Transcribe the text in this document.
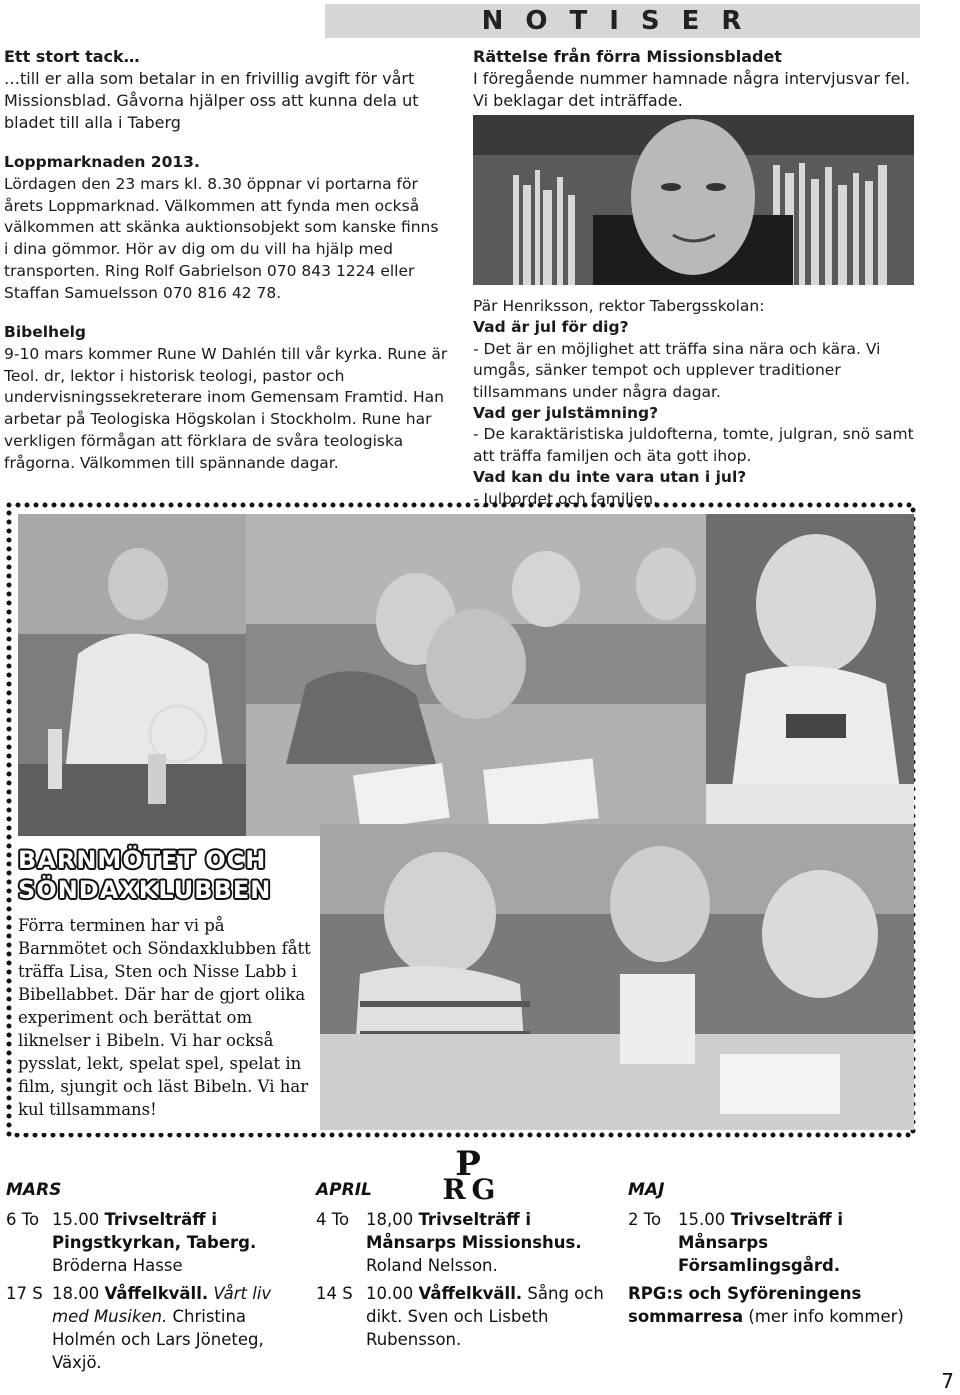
NOTISER
Ett stort tack…

…till er alla som betalar in en frivillig avgift för vårt Missionsblad. Gåvorna hjälper oss att kunna dela ut bladet till alla i Taberg

Loppmarknaden 2013.

Lördagen den 23 mars kl. 8.30 öppnar vi portarna för årets Loppmarknad. Välkommen att fynda men också välkommen att skänka auktionsobjekt som kanske finns i dina gömmor. Hör av dig om du vill ha hjälp med transporten. Ring Rolf Gabrielson 070 843 1224 eller Staffan Samuelsson 070 816 42 78.

Bibelhelg

9-10 mars kommer Rune W Dahlén till vår kyrka. Rune är Teol. dr, lektor i historisk teologi, pastor och undervisningssekreterare inom Gemensam Framtid. Han arbetar på Teologiska Högskolan i Stockholm. Rune har verkligen förmågan att förklara de svåra teologiska frågorna. Välkommen till spännande dagar.

Rättelse från förra Missionsbladet

I föregående nummer hamnade några intervjusvar fel. Vi beklagar det inträffade.

Pär Henriksson, rektor Tabergsskolan:

Vad är jul för dig?

- Det är en möjlighet att träffa sina nära och kära. Vi umgås, sänker tempot och upplever traditioner tillsammans under några dagar.

Vad ger julstämning?

- De karaktäristiska juldofterna, tomte, julgran, snö samt att träffa familjen och äta gott ihop.

Vad kan du inte vara utan i jul?

- Julbordet och familjen.

BARNMÖTET OCH
SÖNDAXKLUBBEN
Förra terminen har vi på Barnmötet och Söndaxklubben fått träffa Lisa, Sten och Nisse Labb i Bibellabbet. Där har de gjort olika experiment och berättat om liknelser i Bibeln. Vi har också pysslat, lekt, spelat spel, spelat in film, sjungit och läst Bibeln. Vi har kul tillsammans!
P
R G
MARS
6 To 15.00 Trivselträff i Pingstkyrkan, Taberg. Bröderna Hasse
17 S 18.00 Våffelkväll. Vårt liv med Musiken. Christina Holmén och Lars Jöneteg, Växjö.
APRIL
4 To 18,00 Trivselträff i Månsarps Missionshus. Roland Nelsson.
14 S 10.00 Våffelkväll. Sång och dikt. Sven och Lisbeth Rubensson.
MAJ
2 To 15.00 Trivselträff i Månsarps Församlingsgård.
RPG:s och Syföreningens sommarresa (mer info kommer)
7
